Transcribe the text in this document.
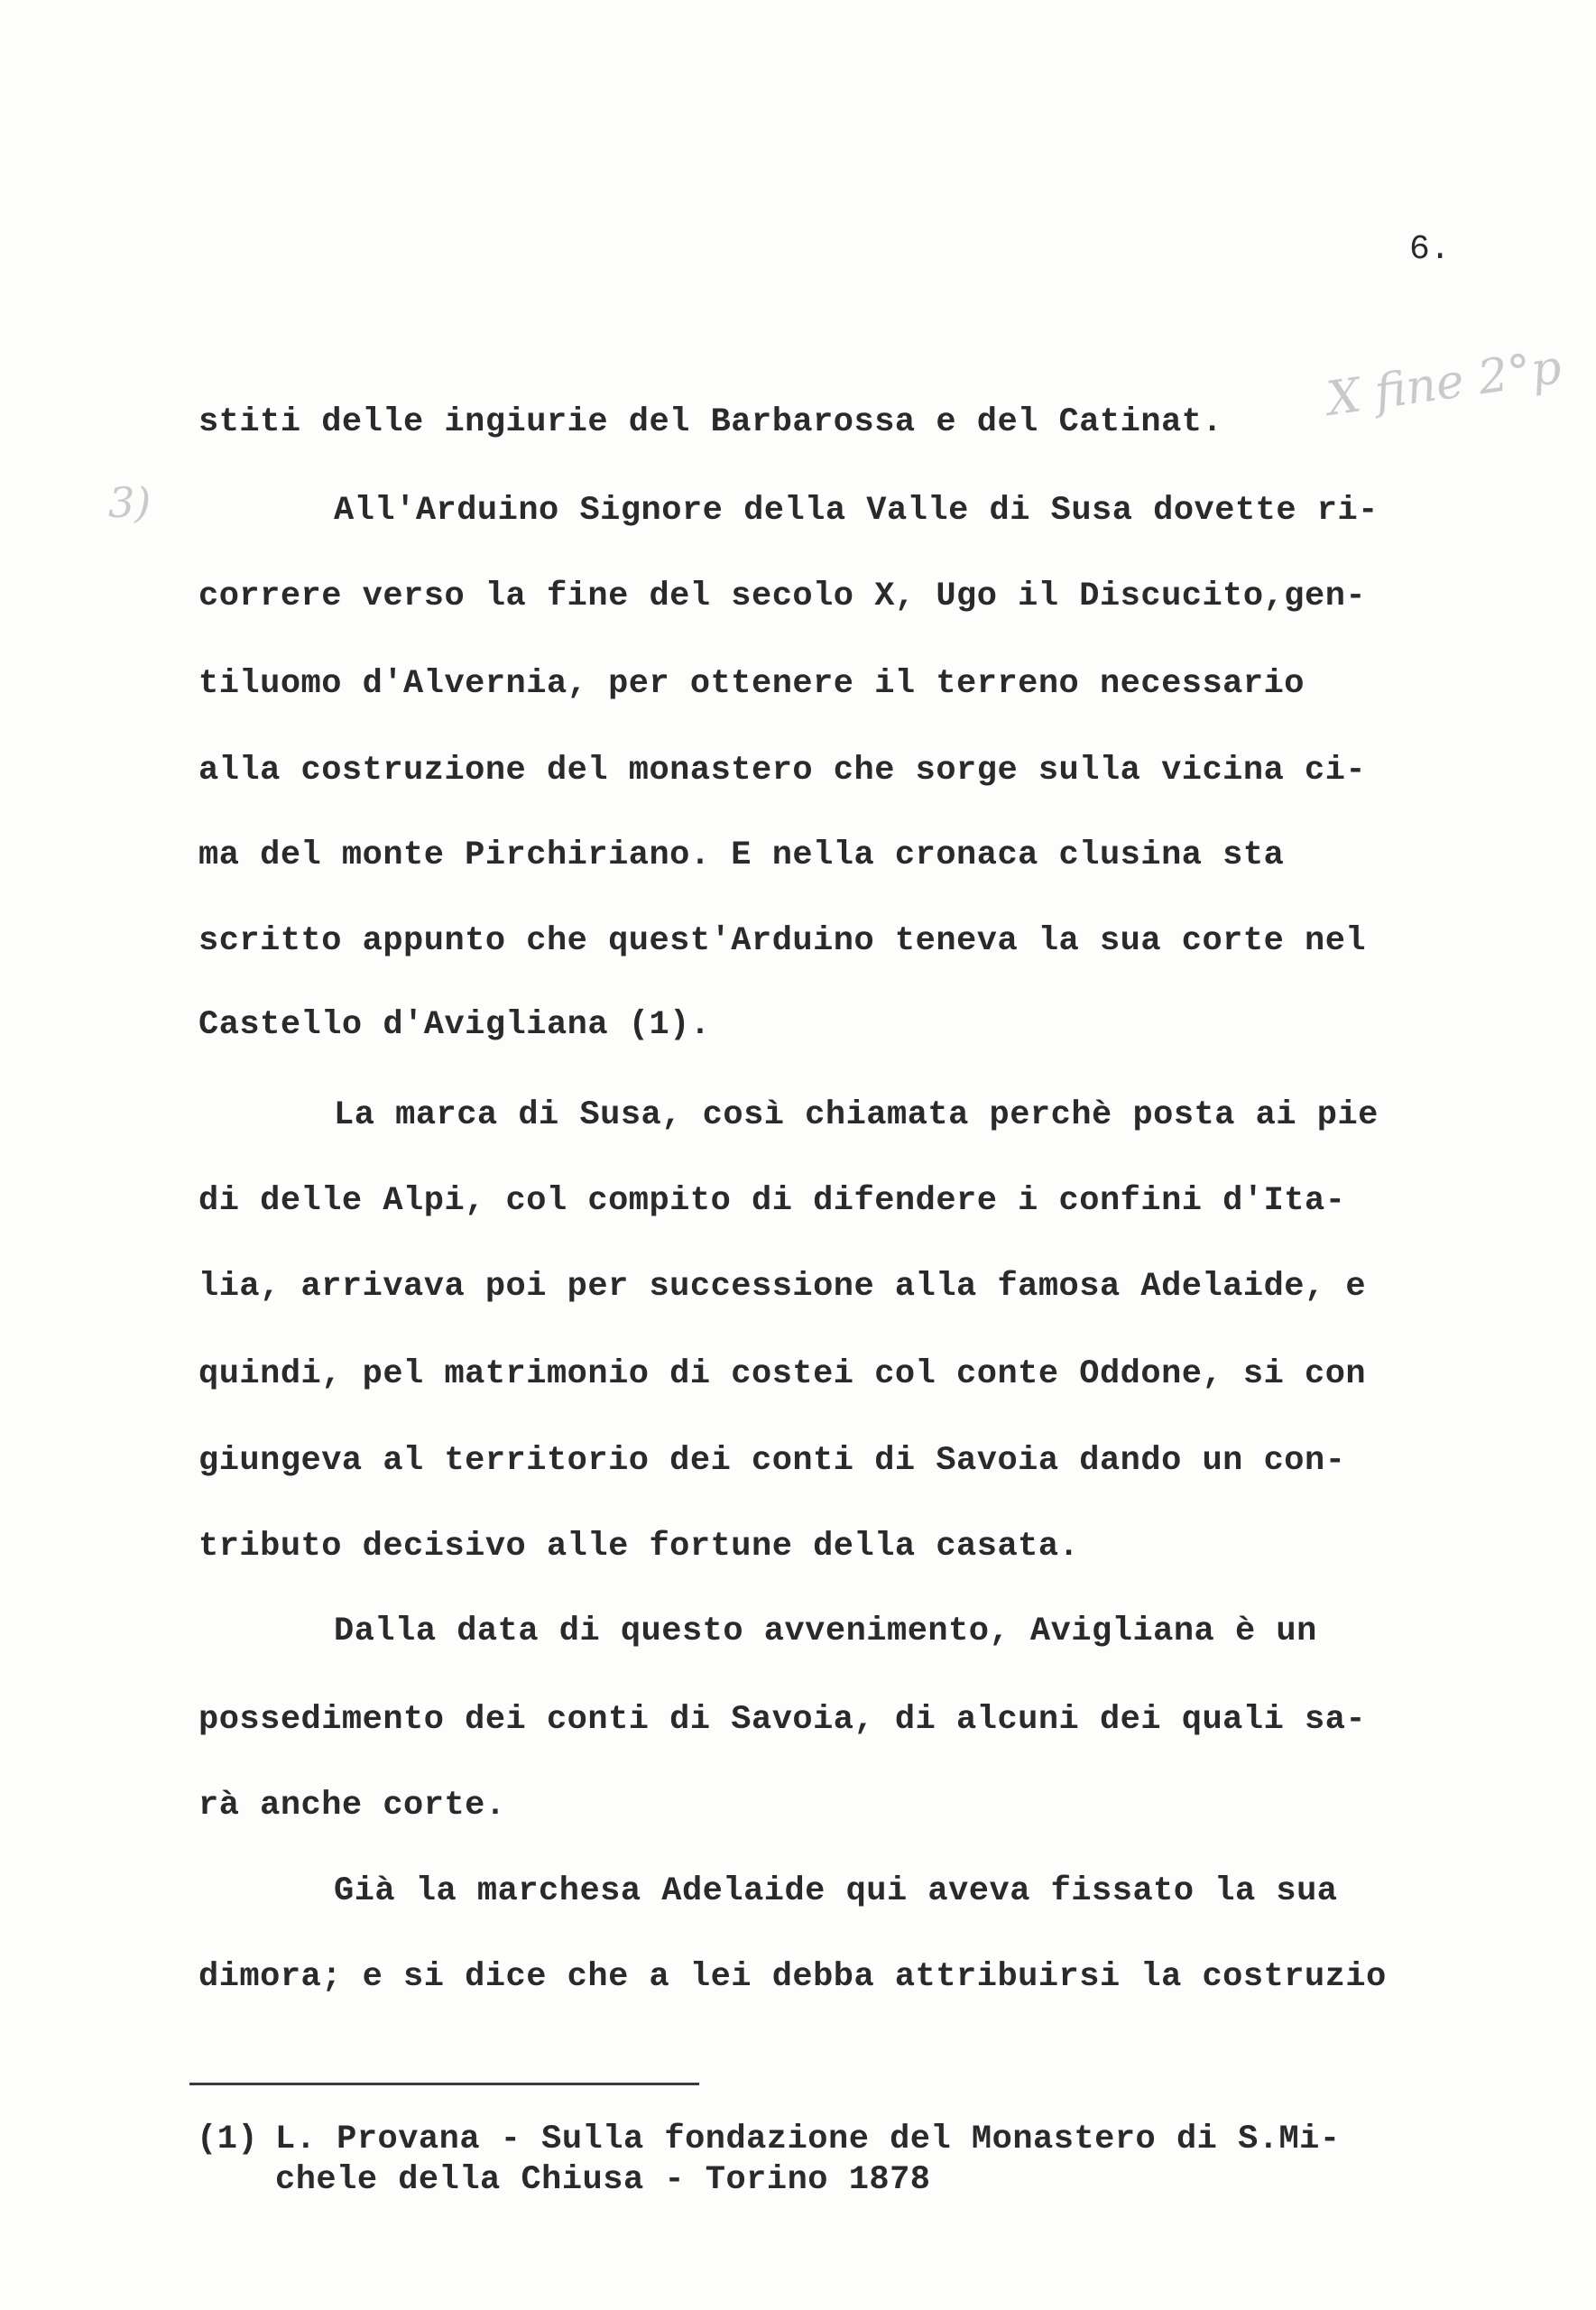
6.
X fine 2°p
3)
stiti delle ingiurie del Barbarossa e del Catinat.
All'Arduino Signore della Valle di Susa dovette ri-
correre verso la fine del secolo X, Ugo il Discucito,gen-
tiluomo d'Alvernia, per ottenere il terreno necessario
alla costruzione del monastero che sorge sulla vicina ci-
ma del monte Pirchiriano. E nella cronaca clusina sta
scritto appunto che quest'Arduino teneva la sua corte nel
Castello d'Avigliana (1).
La marca di Susa, così chiamata perchè posta ai pie
di delle Alpi, col compito di difendere i confini d'Ita-
lia, arrivava poi per successione alla famosa Adelaide, e
quindi, pel matrimonio di costei col conte Oddone, si con
giungeva al territorio dei conti di Savoia dando un con-
tributo decisivo alle fortune della casata.
Dalla data di questo avvenimento, Avigliana è un
possedimento dei conti di Savoia, di alcuni dei quali sa-
rà anche corte.
Già la marchesa Adelaide qui aveva fissato la sua
dimora; e si dice che a lei debba attribuirsi la costruzio
(1) L. Provana - Sulla fondazione del Monastero di S.Mi-
chele della Chiusa - Torino 1878
